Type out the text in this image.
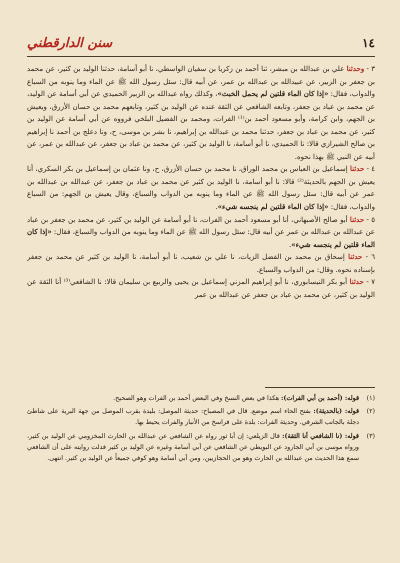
١٤
سنن الدارقطني

٣ - وحدثنا علي بن عبدالله بن مبشر، ثنا أحمد بن زكريا بن سفيان الواسطي، نا أبو أسامة، حدثنا الوليد بن كثير، عن محمد بن جعفر بن الزبير، عن عبيدالله بن عبدالله بن عمر، عن أبيه قال: سئل رسول الله ﷺ عن الماء وما ينوبه من السباع والدواب، فقال: «إذا كان الماء قلتين لم يحمل الخبث»، وكذلك رواه عبدالله بن الزبير الحميدي عن أبي أسامة عن الوليد، عن محمد بن عباد بن جعفر، وتابعه الشافعي عن الثقة عنده عن الوليد بن كثير، وتابعهم محمد بن حسان الأزرق، ويعيش بن الجهم، وابن كرامة، وأبو مسعود أحمد بن⁽¹⁾ الفرات، ومحمد بن الفضيل البلخي فرووه عن أبي أسامة عن الوليد بن كثير، عن محمد بن عباد بن جعفر، حدثنا محمد بن عبدالله بن إبراهيم، نا بشر بن موسى، ح، ونا دعلج بن أحمد نا إبراهيم بن صالح الشيرازي قالا: نا الحميدي، نا أبو أسامة، نا الوليد بن كثير، عن محمد بن عباد بن جعفر، عن عبدالله بن عمر، عن أبيه عن النبي ﷺ بهذا نحوه.

٤ - حدثنا إسماعيل بن العباس بن محمد الوراق، نا محمد بن حسان الأزرق، ح، ونا عثمان بن إسماعيل بن بكر السكري، أنا يعيش بن الجهم بالحديثة⁽²⁾ قالا: نا أبو أسامة، نا الوليد بن كثير عن محمد بن عباد بن جعفر، عن عبدالله بن عبدالله بن عمر عن أبيه قال: سئل رسول الله ﷺ عن الماء وما ينوبه من الدواب والسباع، وقال يعيش بن الجهم: من السباع والدواب، فقال: «إذا كان الماء قلتين لم ينجسه شيء».

٥ - حدثنا أبو صالح الأصبهاني، أنا أبو مسعود أحمد بن الفرات، نا أبو أسامة عن الوليد بن كثير، عن محمد بن جعفر بن عباد عن عبدالله بن عبدالله بن عمر عن أبيه قال: سئل رسول الله ﷺ عن الماء وما ينوبه من الدواب والسباع، فقال: «إذا كان الماء قلتين لم ينجسه شيء».

٦ - حدثنا إسحاق بن محمد بن الفضل الزيات، نا علي بن شعيب، نا أبو أسامة، نا الوليد بن كثير عن محمد بن جعفر بإسناده نحوه. وقال: من الدواب والسباع.

٧ - حدثنا أبو بكر النيسابوري، نا أبو إبراهيم المزني إسماعيل بن يحيى والربيع بن سليمان قالا: نا الشافعي⁽³⁾ أنا الثقة عن الوليد بن كثير، عن محمد بن عباد بن جعفر عن عبدالله بن عمر

(١)
قوله: (أحمد بن أبي الفرات): هكذا في بعض النسخ وفي البعض أحمد بن الفرات وهو الصحيح.
(٢)
قوله: (بالحديثة): بفتح الحاء اسم موضع. قال في المصباح: حديثة الموصل: بليدة بقرب الموصل من جهة البرية على شاطئ دجلة بالجانب الشرقي. وحديثة الفرات: بلدة على فراسخ من الأنبار والفرات يحيط بها.
(٣)
قوله: (نا الشافعي أنا الثقة): قال الزيلعي: إن أبا ثور رواه عن الشافعي عن عبدالله بن الحارث المخزومي عن الوليد بن كثير، ورواه موسى بن أبي الجارود عن البويطي عن الشافعي عن أبي أسامة وغيره عن الوليد بن كثير فدلت روايته على أن الشافعي سمع هذا الحديث من عبدالله بن الحارث وهو من الحجازيين، ومن أبي أسامة وهو كوفي جميعاً عن الوليد بن كثير. انتهى.
